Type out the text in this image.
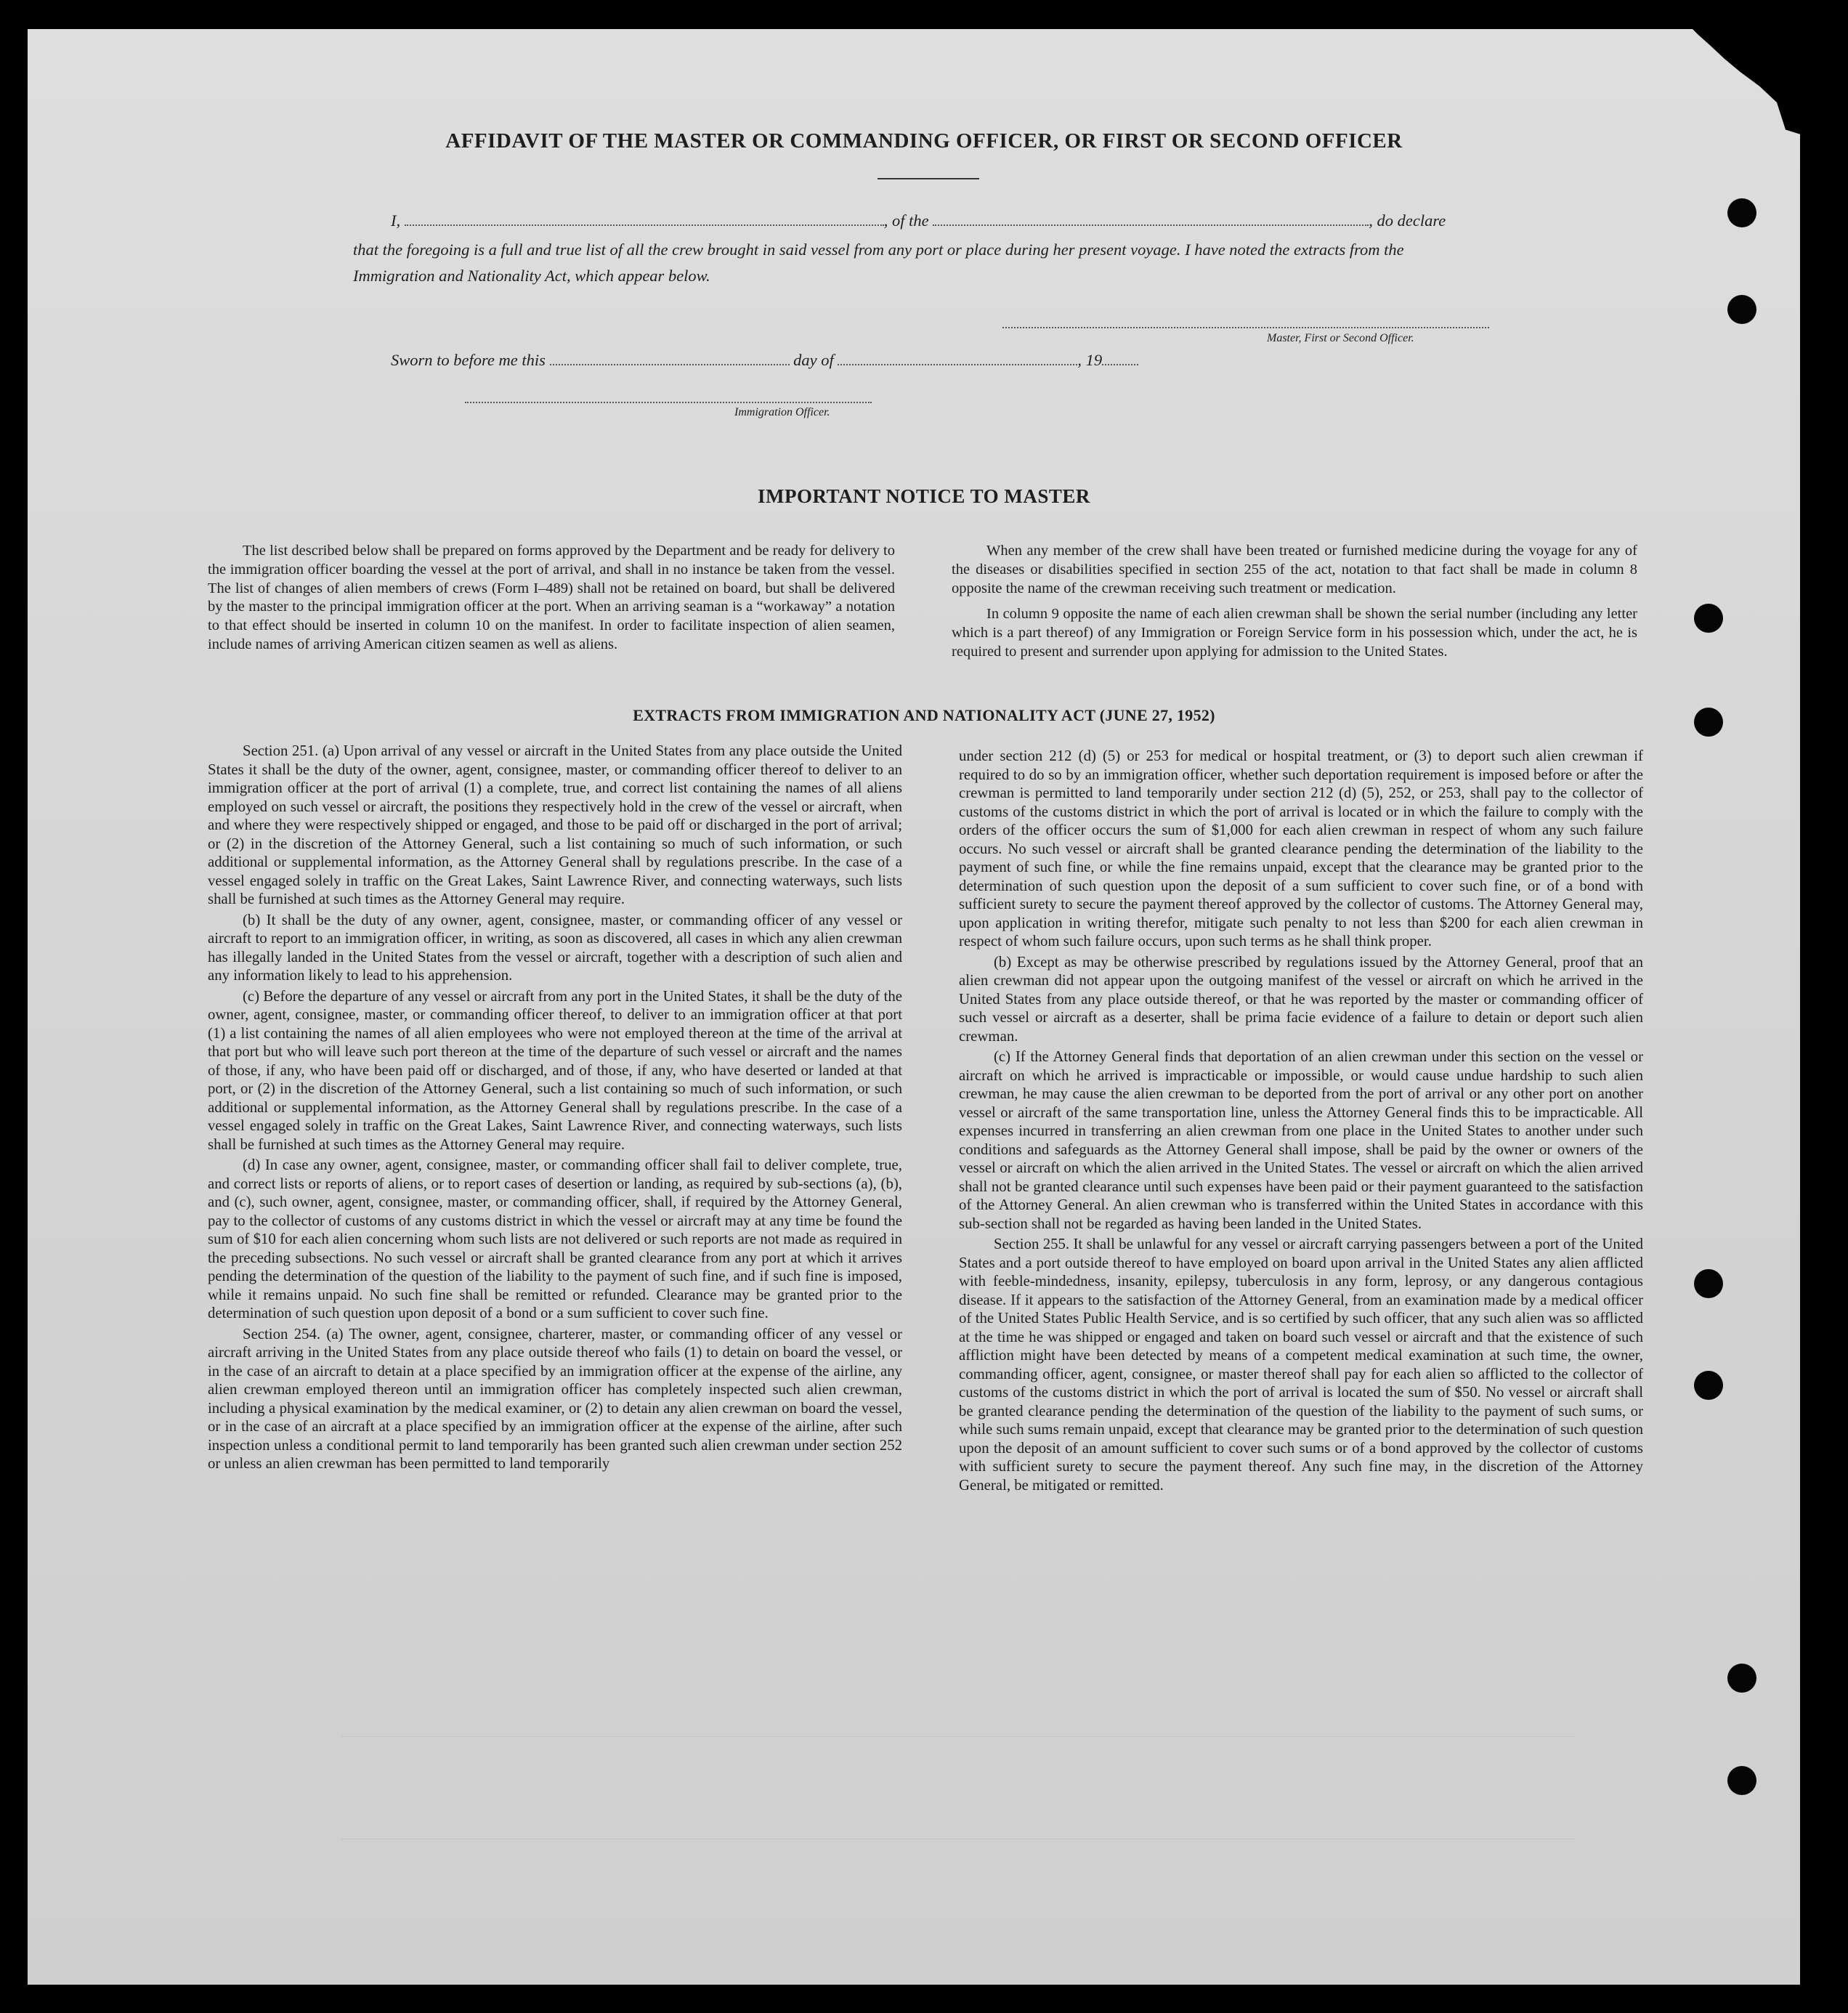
AFFIDAVIT OF THE MASTER OR COMMANDING OFFICER, OR FIRST OR SECOND OFFICER
I,	, of the	, do declare
that the foregoing is a full and true list of all the crew brought in said vessel from any port or place during her present voyage. I have noted the extracts from the Immigration and Nationality Act, which appear below.
Master, First or Second Officer.
Sworn to before me this	day of	, 19
Immigration Officer.
IMPORTANT NOTICE TO MASTER

The list described below shall be prepared on forms approved by the Department and be ready for delivery to the immigration officer boarding the vessel at the port of arrival, and shall in no instance be taken from the vessel. The list of changes of alien members of crews (Form I–489) shall not be retained on board, but shall be delivered by the master to the principal immigration officer at the port. When an arriving seaman is a “workaway” a notation to that effect should be inserted in column 10 on the manifest. In order to facilitate inspection of alien seamen, include names of arriving American citizen seamen as well as aliens.

When any member of the crew shall have been treated or furnished medicine during the voyage for any of the diseases or disabilities specified in section 255 of the act, notation to that fact shall be made in column 8 opposite the name of the crewman receiving such treatment or medication.

In column 9 opposite the name of each alien crewman shall be shown the serial number (including any letter which is a part thereof) of any Immigration or Foreign Service form in his possession which, under the act, he is required to present and surrender upon applying for admission to the United States.

EXTRACTS FROM IMMIGRATION AND NATIONALITY ACT (JUNE 27, 1952)

Section 251. (a) Upon arrival of any vessel or aircraft in the United States from any place outside the United States it shall be the duty of the owner, agent, consignee, master, or commanding officer thereof to deliver to an immigration officer at the port of arrival (1) a complete, true, and correct list containing the names of all aliens employed on such vessel or aircraft, the positions they respectively hold in the crew of the vessel or aircraft, when and where they were respectively shipped or engaged, and those to be paid off or discharged in the port of arrival; or (2) in the discretion of the Attorney General, such a list containing so much of such information, or such additional or supplemental information, as the Attorney General shall by regulations prescribe. In the case of a vessel engaged solely in traffic on the Great Lakes, Saint Lawrence River, and connecting waterways, such lists shall be furnished at such times as the Attorney General may require.

(b) It shall be the duty of any owner, agent, consignee, master, or commanding officer of any vessel or aircraft to report to an immigration officer, in writing, as soon as discovered, all cases in which any alien crewman has illegally landed in the United States from the vessel or aircraft, together with a description of such alien and any information likely to lead to his apprehension.

(c) Before the departure of any vessel or aircraft from any port in the United States, it shall be the duty of the owner, agent, consignee, master, or commanding officer thereof, to deliver to an immigration officer at that port (1) a list containing the names of all alien employees who were not employed thereon at the time of the arrival at that port but who will leave such port thereon at the time of the departure of such vessel or aircraft and the names of those, if any, who have been paid off or discharged, and of those, if any, who have deserted or landed at that port, or (2) in the discretion of the Attorney General, such a list containing so much of such information, or such additional or supplemental information, as the Attorney General shall by regulations prescribe. In the case of a vessel engaged solely in traffic on the Great Lakes, Saint Lawrence River, and connecting waterways, such lists shall be furnished at such times as the Attorney General may require.

(d) In case any owner, agent, consignee, master, or commanding officer shall fail to deliver complete, true, and correct lists or reports of aliens, or to report cases of desertion or landing, as required by sub-sections (a), (b), and (c), such owner, agent, consignee, master, or commanding officer, shall, if required by the Attorney General, pay to the collector of customs of any customs district in which the vessel or aircraft may at any time be found the sum of $10 for each alien concerning whom such lists are not delivered or such reports are not made as required in the preceding subsections. No such vessel or aircraft shall be granted clearance from any port at which it arrives pending the determination of the question of the liability to the payment of such fine, and if such fine is imposed, while it remains unpaid. No such fine shall be remitted or refunded. Clearance may be granted prior to the determination of such question upon deposit of a bond or a sum sufficient to cover such fine.

Section 254. (a) The owner, agent, consignee, charterer, master, or commanding officer of any vessel or aircraft arriving in the United States from any place outside thereof who fails (1) to detain on board the vessel, or in the case of an aircraft to detain at a place specified by an immigration officer at the expense of the airline, any alien crewman employed thereon until an immigration officer has completely inspected such alien crewman, including a physical examination by the medical examiner, or (2) to detain any alien crewman on board the vessel, or in the case of an aircraft at a place specified by an immigration officer at the expense of the airline, after such inspection unless a conditional permit to land temporarily has been granted such alien crewman under section 252 or unless an alien crewman has been permitted to land temporarily

under section 212 (d) (5) or 253 for medical or hospital treatment, or (3) to deport such alien crewman if required to do so by an immigration officer, whether such deportation requirement is imposed before or after the crewman is permitted to land temporarily under section 212 (d) (5), 252, or 253, shall pay to the collector of customs of the customs district in which the port of arrival is located or in which the failure to comply with the orders of the officer occurs the sum of $1,000 for each alien crewman in respect of whom any such failure occurs. No such vessel or aircraft shall be granted clearance pending the determination of the liability to the payment of such fine, or while the fine remains unpaid, except that the clearance may be granted prior to the determination of such question upon the deposit of a sum sufficient to cover such fine, or of a bond with sufficient surety to secure the payment thereof approved by the collector of customs. The Attorney General may, upon application in writing therefor, mitigate such penalty to not less than $200 for each alien crewman in respect of whom such failure occurs, upon such terms as he shall think proper.

(b) Except as may be otherwise prescribed by regulations issued by the Attorney General, proof that an alien crewman did not appear upon the outgoing manifest of the vessel or aircraft on which he arrived in the United States from any place outside thereof, or that he was reported by the master or commanding officer of such vessel or aircraft as a deserter, shall be prima facie evidence of a failure to detain or deport such alien crewman.

(c) If the Attorney General finds that deportation of an alien crewman under this section on the vessel or aircraft on which he arrived is impracticable or impossible, or would cause undue hardship to such alien crewman, he may cause the alien crewman to be deported from the port of arrival or any other port on another vessel or aircraft of the same transportation line, unless the Attorney General finds this to be impracticable. All expenses incurred in transferring an alien crewman from one place in the United States to another under such conditions and safeguards as the Attorney General shall impose, shall be paid by the owner or owners of the vessel or aircraft on which the alien arrived in the United States. The vessel or aircraft on which the alien arrived shall not be granted clearance until such expenses have been paid or their payment guaranteed to the satisfaction of the Attorney General. An alien crewman who is transferred within the United States in accordance with this sub-section shall not be regarded as having been landed in the United States.

Section 255. It shall be unlawful for any vessel or aircraft carrying passengers between a port of the United States and a port outside thereof to have employed on board upon arrival in the United States any alien afflicted with feeble-mindedness, insanity, epilepsy, tuberculosis in any form, leprosy, or any dangerous contagious disease. If it appears to the satisfaction of the Attorney General, from an examination made by a medical officer of the United States Public Health Service, and is so certified by such officer, that any such alien was so afflicted at the time he was shipped or engaged and taken on board such vessel or aircraft and that the existence of such affliction might have been detected by means of a competent medical examination at such time, the owner, commanding officer, agent, consignee, or master thereof shall pay for each alien so afflicted to the collector of customs of the customs district in which the port of arrival is located the sum of $50. No vessel or aircraft shall be granted clearance pending the determination of the question of the liability to the payment of such sums, or while such sums remain unpaid, except that clearance may be granted prior to the determination of such question upon the deposit of an amount sufficient to cover such sums or of a bond approved by the collector of customs with sufficient surety to secure the payment thereof. Any such fine may, in the discretion of the Attorney General, be mitigated or remitted.
